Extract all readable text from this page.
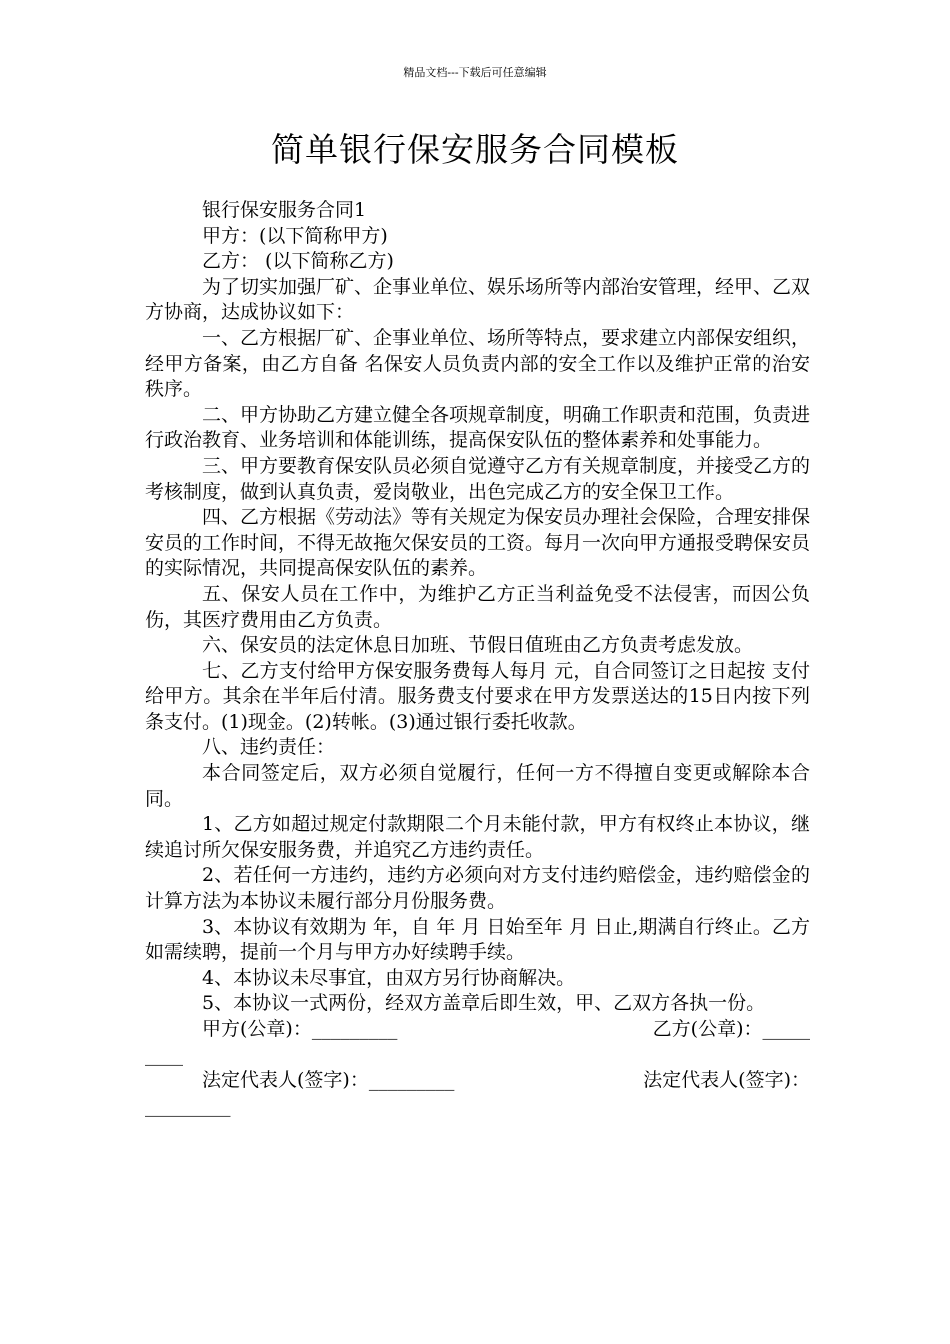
精品文档---下载后可任意编辑
简单银行保安服务合同模板

银行保安服务合同1

甲方：(以下简称甲方)

乙方： (以下简称乙方)

为了切实加强厂矿、企事业单位、娱乐场所等内部治安管理，经甲、乙双方协商，达成协议如下：

一、乙方根据厂矿、企事业单位、场所等特点，要求建立内部保安组织，经甲方备案，由乙方自备 名保安人员负责内部的安全工作以及维护正常的治安秩序。

二、甲方协助乙方建立健全各项规章制度，明确工作职责和范围，负责进行政治教育、业务培训和体能训练，提高保安队伍的整体素养和处事能力。

三、甲方要教育保安队员必须自觉遵守乙方有关规章制度，并接受乙方的考核制度，做到认真负责，爱岗敬业，出色完成乙方的安全保卫工作。

四、乙方根据《劳动法》等有关规定为保安员办理社会保险，合理安排保安员的工作时间，不得无故拖欠保安员的工资。每月一次向甲方通报受聘保安员的实际情况，共同提高保安队伍的素养。

五、保安人员在工作中，为维护乙方正当利益免受不法侵害，而因公负伤，其医疗费用由乙方负责。

六、保安员的法定休息日加班、节假日值班由乙方负责考虑发放。

七、乙方支付给甲方保安服务费每人每月 元，自合同签订之日起按 支付给甲方。其余在半年后付清。服务费支付要求在甲方发票送达的15日内按下列条支付。(1)现金。(2)转帐。(3)通过银行委托收款。

八、违约责任：

本合同签定后，双方必须自觉履行，任何一方不得擅自变更或解除本合同。

1、乙方如超过规定付款期限二个月未能付款，甲方有权终止本协议，继续追讨所欠保安服务费，并追究乙方违约责任。

2、若任何一方违约，违约方必须向对方支付违约赔偿金，违约赔偿金的计算方法为本协议未履行部分月份服务费。

3、本协议有效期为 年，自 年 月 日始至年 月 日止,期满自行终止。乙方如需续聘，提前一个月与甲方办好续聘手续。

4、本协议未尽事宜，由双方另行协商解决。

5、本协议一式两份，经双方盖章后即生效，甲、乙双方各执一份。

甲方(公章)：_________	乙方(公章)：_____
____
法定代表人(签字)：_________	法定代表人(签字)：
_________
